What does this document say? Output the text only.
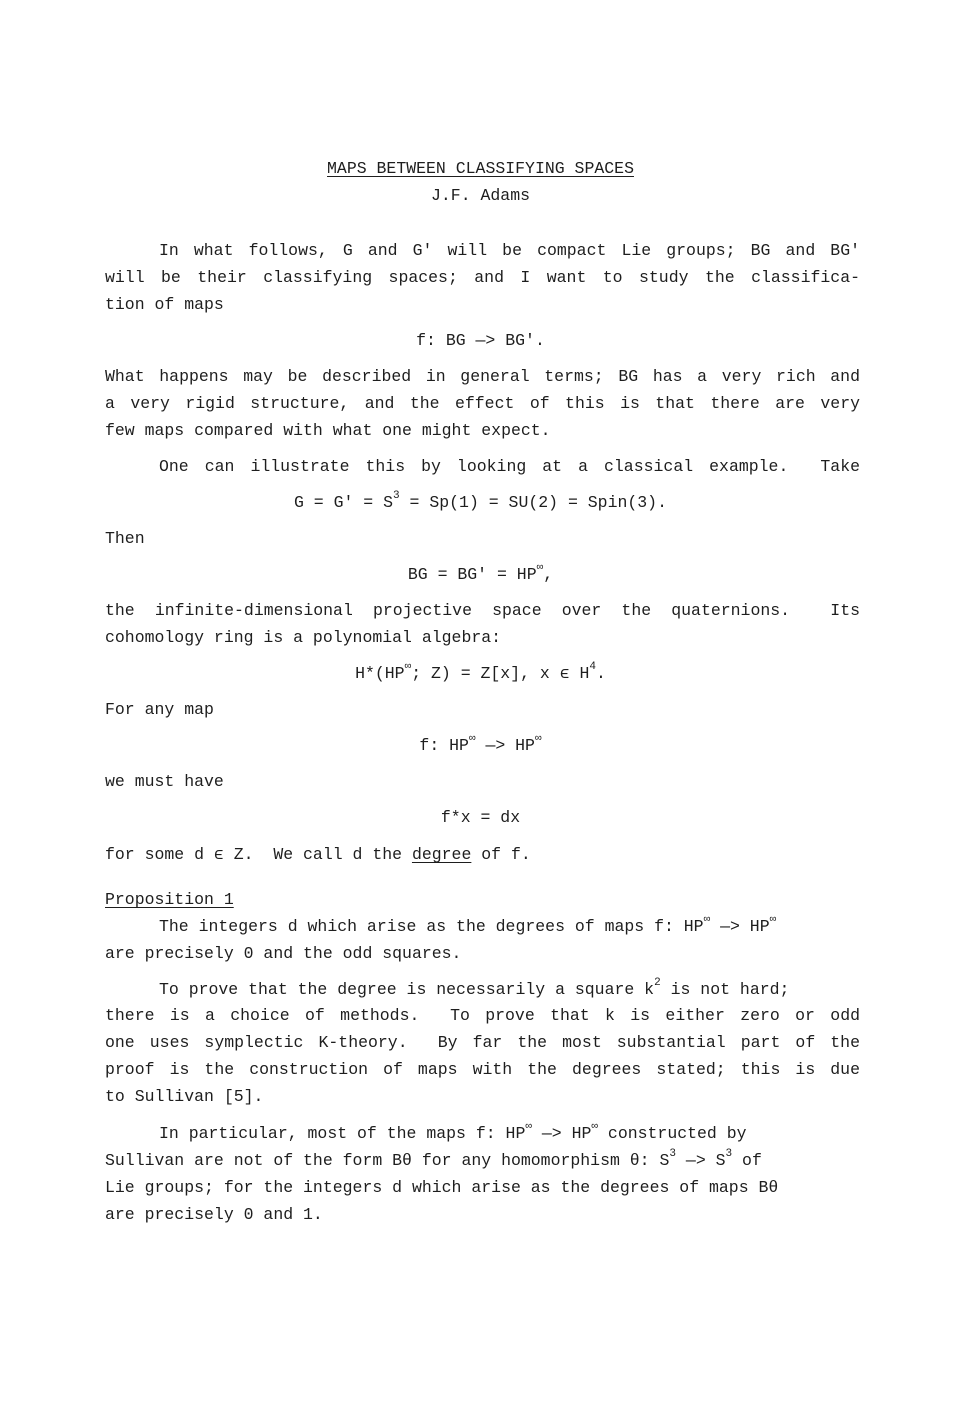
MAPS BETWEEN CLASSIFYING SPACES
J.F. Adams
In what follows, G and G' will be compact Lie groups; BG and BG'
will be their classifying spaces; and I want to study the classifica-
tion of maps
f: BG —> BG'.
What happens may be described in general terms; BG has a very rich and
a very rigid structure, and the effect of this is that there are very
few maps compared with what one might expect.
One can illustrate this by looking at a classical example.  Take
$G = G' = S^3 = Sp(1) = SU(2)$ = Spin(3).
Then
BG = BG' = HP∞,
the infinite-dimensional projective space over the quaternions.  Its
cohomology ring is a polynomial algebra:
H*(HP∞; Z) = Z[x], x ϵ $H^4$.
For any map
f: HP∞ —> HP∞
we must have
f*x = dx
for some d ϵ Z.  We call d the degree of f.
Proposition 1
The integers d which arise as the degrees of maps f: HP∞ —> HP∞
are precisely 0 and the odd squares.
To prove that the degree is necessarily a square $k^2$ is not hard;
there is a choice of methods.  To prove that k is either zero or odd
one uses symplectic K-theory.  By far the most substantial part of the
proof is the construction of maps with the degrees stated; this is due
to Sullivan [5].
In particular, most of the maps f: HP∞ —> HP∞ constructed by
Sullivan are not of the form Bθ for any homomorphism θ: $S^3$ —> $S^3$ of
Lie groups; for the integers d which arise as the degrees of maps Bθ
are precisely 0 and 1.
